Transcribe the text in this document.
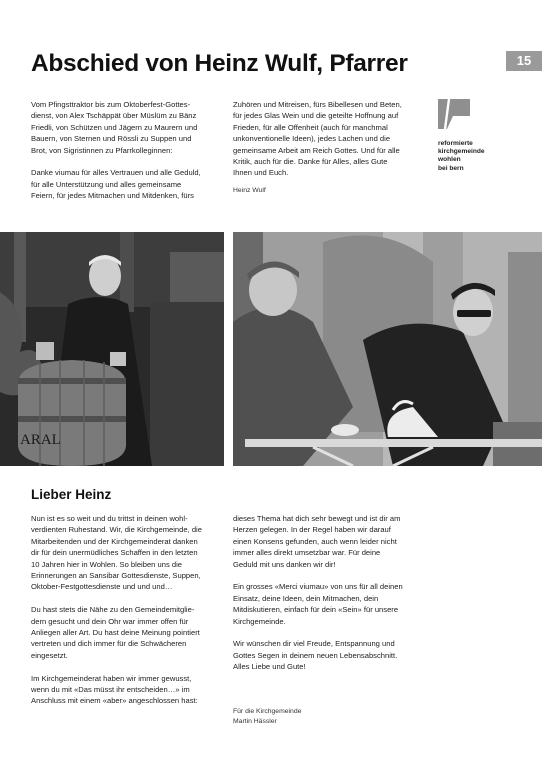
15
Abschied von Heinz Wulf, Pfarrer

Vom Pfingsttraktor bis zum Oktoberfest-Gottes-
dienst, von Alex Tschäppät über Müslüm zu Bänz
Friedli, von Schützen und Jägern zu Maurern und
Bauern, von Sternen und Rössli zu Suppen und
Brot, von Sigristinnen zu Pfarrkolleginnen:

Danke viumau für alles Vertrauen und alle Geduld,
für alle Unterstützung und alles gemeinsame
Feiern, für jedes Mitmachen und Mitdenken, fürs

Zuhören und Mitreisen, fürs Bibellesen und Beten,
für jedes Glas Wein und die geteilte Hoffnung auf
Frieden, für alle Offenheit (auch für manchmal
unkonventionelle Ideen), jedes Lachen und die
gemeinsame Arbeit am Reich Gottes. Und für alle
Kritik, auch für die. Danke für Alles, alles Gute
Ihnen und Euch.

Heinz Wulf
reformierte
kirchgemeinde
wohlen
bei bern
ARAL
Lieber Heinz

Nun ist es so weit und du trittst in deinen wohl-
verdienten Ruhestand. Wir, die Kirchgemeinde, die
Mitarbeitenden und der Kirchgemeinderat danken
dir für dein unermüdliches Schaffen in den letzten
10 Jahren hier in Wohlen. So bleiben uns die
Erinnerungen an Sansibar Gottesdienste, Suppen,
Oktober-Festgottesdienste und und und…

Du hast stets die Nähe zu den Gemeindemitglie-
dern gesucht und dein Ohr war immer offen für
Anliegen aller Art. Du hast deine Meinung pointiert
vertreten und dich immer für die Schwächeren
eingesetzt.

Im Kirchgemeinderat haben wir immer gewusst,
wenn du mit «Das müsst ihr entscheiden…» im
Anschluss mit einem «aber» angeschlossen hast:

dieses Thema hat dich sehr bewegt und ist dir am
Herzen gelegen. In der Regel haben wir darauf
einen Konsens gefunden, auch wenn leider nicht
immer alles direkt umsetzbar war. Für deine
Geduld mit uns danken wir dir!

Ein grosses «Merci viumau» von uns für all deinen
Einsatz, deine Ideen, dein Mitmachen, dein
Mitdiskutieren, einfach für dein «Sein» für unsere
Kirchgemeinde.

Wir wünschen dir viel Freude, Entspannung und
Gottes Segen in deinem neuen Lebensabschnitt.
Alles Liebe und Gute!

Für die Kirchgemeinde
Martin Hässler
